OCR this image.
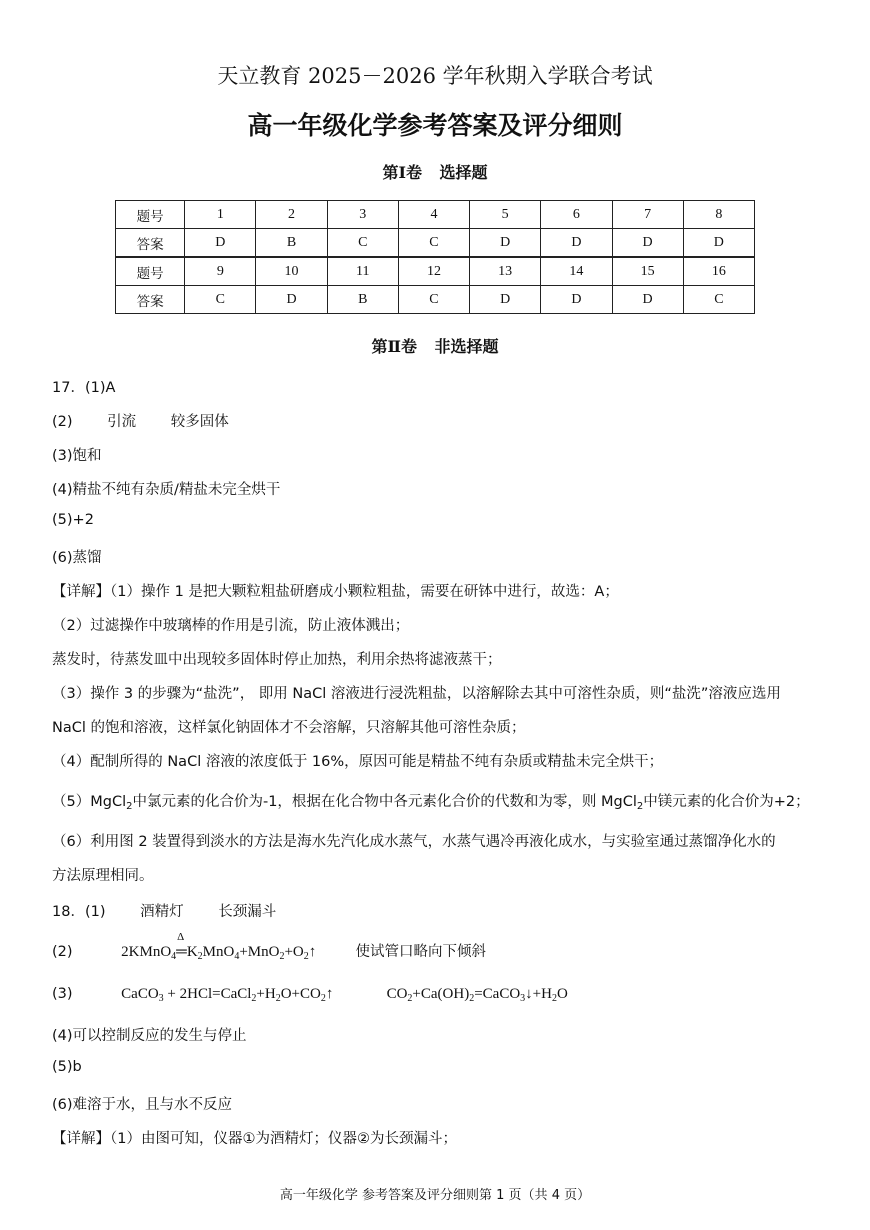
天立教育 2025－2026 学年秋期入学联合考试
高一年级化学参考答案及评分细则
第Ⅰ卷 选择题
题号	1	2	3	4	5	6	7	8
答案	D	B	C	C	D	D	D	D
题号	9	10	11	12	13	14	15	16
答案	C	D	B	C	D	D	D	C
第Ⅱ卷 非选择题
17．(1)A
(2) 引流 较多固体
(3)饱和
(4)精盐不纯有杂质/精盐未完全烘干
(5)+2
(6)蒸馏
【详解】（1）操作 1 是把大颗粒粗盐研磨成小颗粒粗盐，需要在研钵中进行，故选：A；
（2）过滤操作中玻璃棒的作用是引流，防止液体溅出；
蒸发时，待蒸发皿中出现较多固体时停止加热，利用余热将滤液蒸干；
（3）操作 3 的步骤为“盐洗”， 即用 NaCl 溶液进行浸洗粗盐，以溶解除去其中可溶性杂质，则“盐洗”溶液应选用
NaCl 的饱和溶液，这样氯化钠固体才不会溶解，只溶解其他可溶性杂质；
（4）配制所得的 NaCl 溶液的浓度低于 16%，原因可能是精盐不纯有杂质或精盐未完全烘干；
（5）MgCl$_2$中氯元素的化合价为-1，根据在化合物中各元素化合价的代数和为零，则 MgCl$_2$中镁元素的化合价为+2；
（6）利用图 2 装置得到淡水的方法是海水先汽化成水蒸气，水蒸气遇冷再液化成水，与实验室通过蒸馏净化水的
方法原理相同。
18．(1) 酒精灯 长颈漏斗
(2)	2KMnO$_4$
Δ
$═K_2MnO_4+MnO_2+O_2↑$	使试管口略向下倾斜
(3)	CaCO$_3$ + $2HCl=CaCl_2+H_2O+CO_2↑$	$CO_2+Ca(OH)_2=CaCO_3↓+H_2O$
(4)可以控制反应的发生与停止
(5)b
(6)难溶于水，且与水不反应
【详解】（1）由图可知，仪器①为酒精灯；仪器②为长颈漏斗；
高一年级化学 参考答案及评分细则第 1 页（共 4 页）
